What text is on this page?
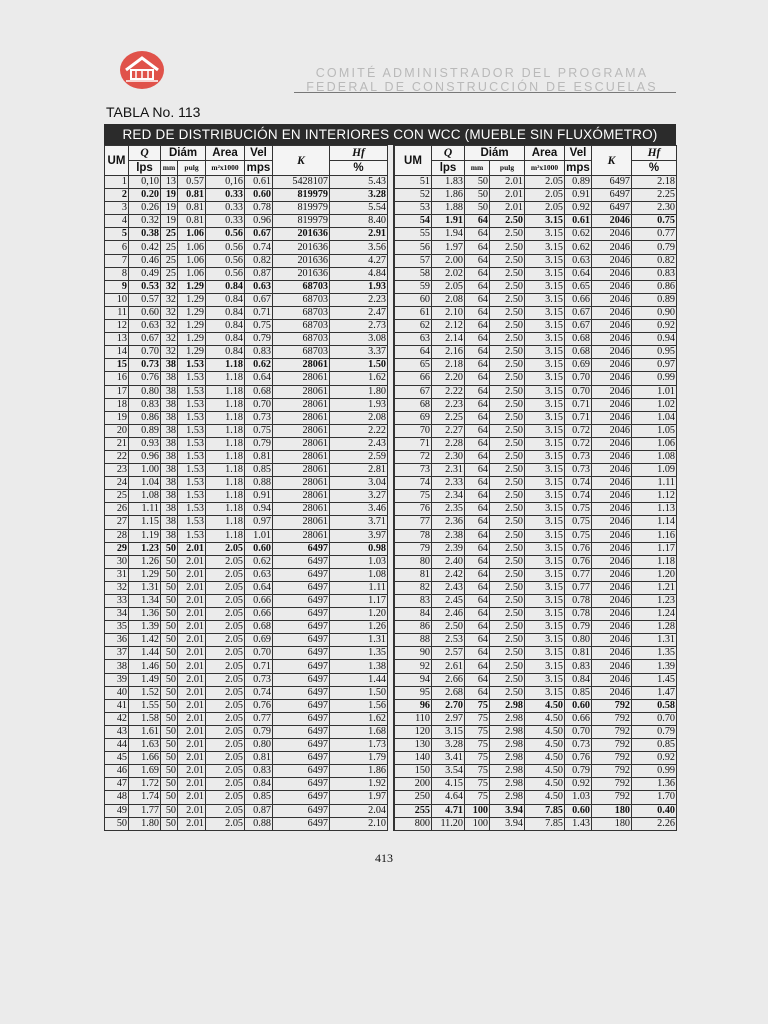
COMITÉ ADMINISTRADOR DEL PROGRAMA
FEDERAL DE CONSTRUCCIÓN DE ESCUELAS
TABLA No. 113
RED DE DISTRIBUCIÓN EN INTERIORES CON WCC (MUEBLE SIN FLUXÓMETRO)
UM	Q	Diám		Area	Vel	K	Hf
	lps	mm	pulg	m²x1000	mps		%
1	0,10	13	0.57	0,16	0.61	5428107	5.43
2	0.20	19	0.81	0.33	0.60	819979	3.28
3	0.26	19	0.81	0.33	0.78	819979	5.54
4	0.32	19	0.81	0.33	0.96	819979	8.40
5	0.38	25	1.06	0.56	0.67	201636	2.91
6	0.42	25	1.06	0.56	0.74	201636	3.56
7	0.46	25	1.06	0.56	0.82	201636	4.27
8	0.49	25	1.06	0.56	0.87	201636	4.84
9	0.53	32	1.29	0.84	0.63	68703	1.93
10	0.57	32	1.29	0.84	0.67	68703	2.23
11	0.60	32	1.29	0.84	0.71	68703	2.47
12	0.63	32	1.29	0.84	0.75	68703	2.73
13	0.67	32	1.29	0.84	0.79	68703	3.08
14	0.70	32	1.29	0.84	0.83	68703	3.37
15	0.73	38	1.53	1.18	0.62	28061	1.50
16	0.76	38	1.53	1.18	0.64	28061	1.62
17	0.80	38	1.53	1.18	0.68	28061	1.80
18	0.83	38	1.53	1.18	0.70	28061	1.93
19	0.86	38	1.53	1.18	0.73	28061	2.08
20	0.89	38	1.53	1.18	0.75	28061	2.22
21	0.93	38	1.53	1.18	0.79	28061	2.43
22	0.96	38	1.53	1.18	0.81	28061	2.59
23	1.00	38	1.53	1.18	0.85	28061	2.81
24	1.04	38	1.53	1.18	0.88	28061	3.04
25	1.08	38	1.53	1.18	0.91	28061	3.27
26	1.11	38	1.53	1.18	0.94	28061	3.46
27	1.15	38	1.53	1.18	0.97	28061	3.71
28	1.19	38	1.53	1.18	1.01	28061	3.97
29	1.23	50	2.01	2.05	0.60	6497	0.98
30	1.26	50	2.01	2.05	0.62	6497	1.03
31	1.29	50	2.01	2.05	0.63	6497	1.08
32	1.31	50	2.01	2.05	0.64	6497	1.11
33	1.34	50	2.01	2.05	0.66	6497	1.17
34	1.36	50	2.01	2.05	0.66	6497	1.20
35	1.39	50	2.01	2.05	0.68	6497	1.26
36	1.42	50	2.01	2.05	0.69	6497	1.31
37	1.44	50	2.01	2.05	0.70	6497	1.35
38	1.46	50	2.01	2.05	0.71	6497	1.38
39	1.49	50	2.01	2.05	0.73	6497	1.44
40	1.52	50	2.01	2.05	0.74	6497	1.50
41	1.55	50	2.01	2.05	0.76	6497	1.56
42	1.58	50	2.01	2.05	0.77	6497	1.62
43	1.61	50	2.01	2.05	0.79	6497	1.68
44	1.63	50	2.01	2.05	0.80	6497	1.73
45	1.66	50	2.01	2.05	0.81	6497	1.79
46	1.69	50	2.01	2.05	0.83	6497	1.86
47	1.72	50	2.01	2.05	0.84	6497	1.92
48	1.74	50	2.01	2.05	0.85	6497	1.97
49	1.77	50	2.01	2.05	0.87	6497	2.04
50	1.80	50	2.01	2.05	0.88	6497	2.10
UM	Q	Diám		Area	Vel	K	Hf
	lps	mm	pulg	m²x1000	mps		%
51	1.83	50	2.01	2.05	0.89	6497	2.18
52	1.86	50	2.01	2.05	0.91	6497	2.25
53	1.88	50	2.01	2.05	0.92	6497	2.30
54	1.91	64	2.50	3.15	0.61	2046	0.75
55	1.94	64	2.50	3.15	0.62	2046	0.77
56	1.97	64	2.50	3.15	0.62	2046	0.79
57	2.00	64	2.50	3.15	0.63	2046	0.82
58	2.02	64	2.50	3.15	0.64	2046	0.83
59	2.05	64	2.50	3.15	0.65	2046	0.86
60	2.08	64	2.50	3.15	0.66	2046	0.89
61	2.10	64	2.50	3.15	0.67	2046	0.90
62	2.12	64	2.50	3.15	0.67	2046	0.92
63	2.14	64	2.50	3.15	0.68	2046	0.94
64	2.16	64	2.50	3.15	0.68	2046	0.95
65	2.18	64	2.50	3.15	0.69	2046	0.97
66	2.20	64	2.50	3.15	0.70	2046	0.99
67	2.22	64	2.50	3.15	0.70	2046	1.01
68	2.23	64	2.50	3.15	0.71	2046	1.02
69	2.25	64	2.50	3.15	0.71	2046	1.04
70	2.27	64	2.50	3.15	0.72	2046	1.05
71	2.28	64	2.50	3.15	0.72	2046	1.06
72	2.30	64	2.50	3.15	0.73	2046	1.08
73	2.31	64	2.50	3.15	0.73	2046	1.09
74	2.33	64	2.50	3.15	0.74	2046	1.11
75	2.34	64	2.50	3.15	0.74	2046	1.12
76	2.35	64	2.50	3.15	0.75	2046	1.13
77	2.36	64	2.50	3.15	0.75	2046	1.14
78	2.38	64	2.50	3.15	0.75	2046	1.16
79	2.39	64	2.50	3.15	0.76	2046	1.17
80	2.40	64	2.50	3.15	0.76	2046	1.18
81	2.42	64	2.50	3.15	0.77	2046	1.20
82	2.43	64	2.50	3.15	0.77	2046	1.21
83	2.45	64	2.50	3.15	0.78	2046	1.23
84	2.46	64	2.50	3.15	0.78	2046	1.24
86	2.50	64	2.50	3.15	0.79	2046	1.28
88	2.53	64	2.50	3.15	0.80	2046	1.31
90	2.57	64	2.50	3.15	0.81	2046	1.35
92	2.61	64	2.50	3.15	0.83	2046	1.39
94	2.66	64	2.50	3.15	0.84	2046	1.45
95	2.68	64	2.50	3.15	0.85	2046	1.47
96	2.70	75	2.98	4.50	0.60	792	0.58
110	2.97	75	2.98	4.50	0.66	792	0.70
120	3.15	75	2.98	4.50	0.70	792	0.79
130	3.28	75	2.98	4.50	0.73	792	0.85
140	3.41	75	2.98	4.50	0.76	792	0.92
150	3.54	75	2.98	4.50	0.79	792	0.99
200	4.15	75	2.98	4.50	0.92	792	1.36
250	4.64	75	2.98	4.50	1.03	792	1.70
255	4.71	100	3.94	7.85	0.60	180	0.40
800	11.20	100	3.94	7.85	1.43	180	2.26
413
